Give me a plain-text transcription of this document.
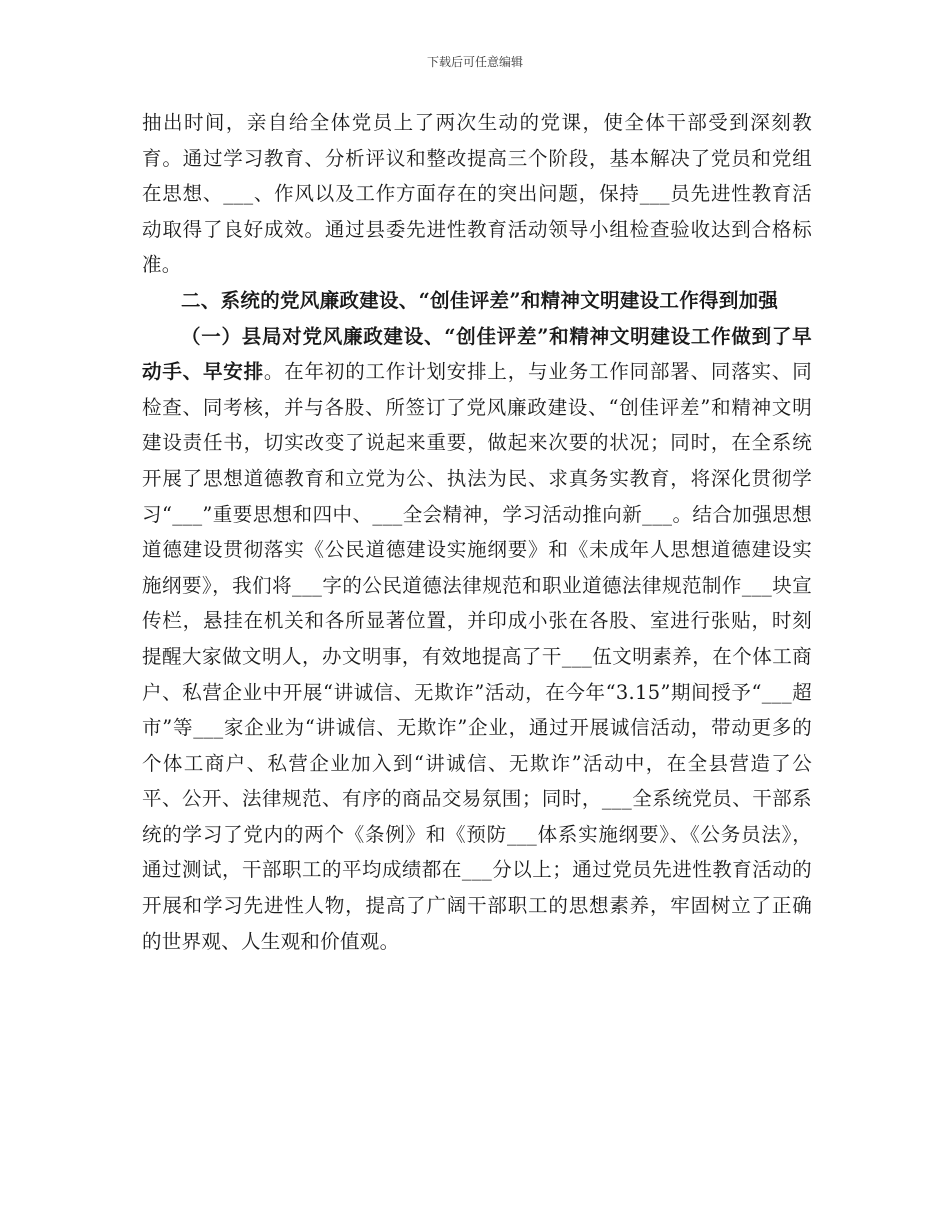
下载后可任意编辑

抽出时间，亲自给全体党员上了两次生动的党课，使全体干部受到深刻教育。通过学习教育、分析评议和整改提高三个阶段，基本解决了党员和党组在思想、___、作风以及工作方面存在的突出问题，保持___员先进性教育活动取得了良好成效。通过县委先进性教育活动领导小组检查验收达到合格标准。

二、系统的党风廉政建设、“创佳评差”和精神文明建设工作得到加强

（一）县局对党风廉政建设、“创佳评差”和精神文明建设工作做到了早动手、早安排。在年初的工作计划安排上，与业务工作同部署、同落实、同检查、同考核，并与各股、所签订了党风廉政建设、“创佳评差”和精神文明建设责任书，切实改变了说起来重要，做起来次要的状况；同时，在全系统开展了思想道德教育和立党为公、执法为民、求真务实教育，将深化贯彻学习“___”重要思想和四中、___全会精神，学习活动推向新___。结合加强思想道德建设贯彻落实《公民道德建设实施纲要》和《未成年人思想道德建设实施纲要》，我们将___字的公民道德法律规范和职业道德法律规范制作___块宣传栏，悬挂在机关和各所显著位置，并印成小张在各股、室进行张贴，时刻提醒大家做文明人，办文明事，有效地提高了干___伍文明素养，在个体工商户、私营企业中开展“讲诚信、无欺诈”活动，在今年“3.15”期间授予“___超市”等___家企业为“讲诚信、无欺诈”企业，通过开展诚信活动，带动更多的个体工商户、私营企业加入到“讲诚信、无欺诈”活动中，在全县营造了公平、公开、法律规范、有序的商品交易氛围；同时，___全系统党员、干部系统的学习了党内的两个《条例》和《预防___体系实施纲要》、《公务员法》，通过测试，干部职工的平均成绩都在___分以上；通过党员先进性教育活动的开展和学习先进性人物，提高了广阔干部职工的思想素养，牢固树立了正确的世界观、人生观和价值观。
